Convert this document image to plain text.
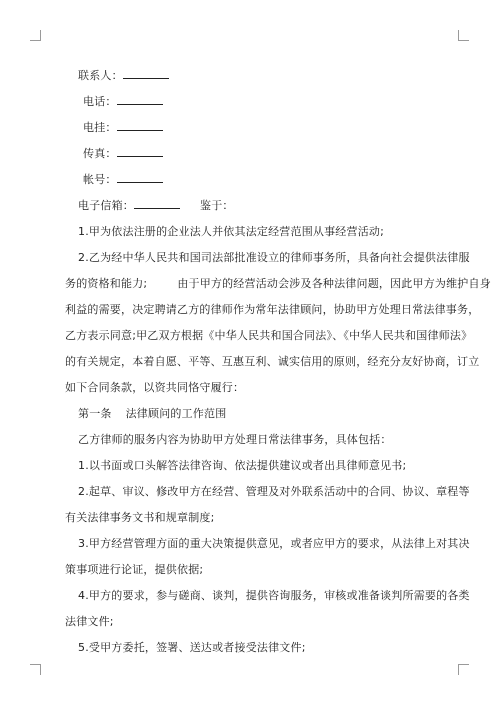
联系人：
电话：
电挂：
传真：
帐号：
电子信箱：	鉴于：
1.甲为依法注册的企业法人并依其法定经营范围从事经营活动;
2.乙为经中华人民共和国司法部批准设立的律师事务所，具备向社会提供法律服
务的资格和能力;	由于甲方的经营活动会涉及各种法律问题，因此甲方为维护自身
利益的需要，决定聘请乙方的律师作为常年法律顾问，协助甲方处理日常法律事务，
乙方表示同意;甲乙双方根据《中华人民共和国合同法》、《中华人民共和国律师法》
的有关规定，本着自愿、平等、互惠互利、诚实信用的原则，经充分友好协商，订立
如下合同条款，以资共同恪守履行：
第一条 法律顾问的工作范围
乙方律师的服务内容为协助甲方处理日常法律事务，具体包括：
1.以书面或口头解答法律咨询、依法提供建议或者出具律师意见书;
2.起草、审议、修改甲方在经营、管理及对外联系活动中的合同、协议、章程等
有关法律事务文书和规章制度;
3.甲方经营管理方面的重大决策提供意见，或者应甲方的要求，从法律上对其决
策事项进行论证，提供依据;
4.甲方的要求，参与磋商、谈判，提供咨询服务，审核或准备谈判所需要的各类
法律文件;
5.受甲方委托，签署、送达或者接受法律文件;
